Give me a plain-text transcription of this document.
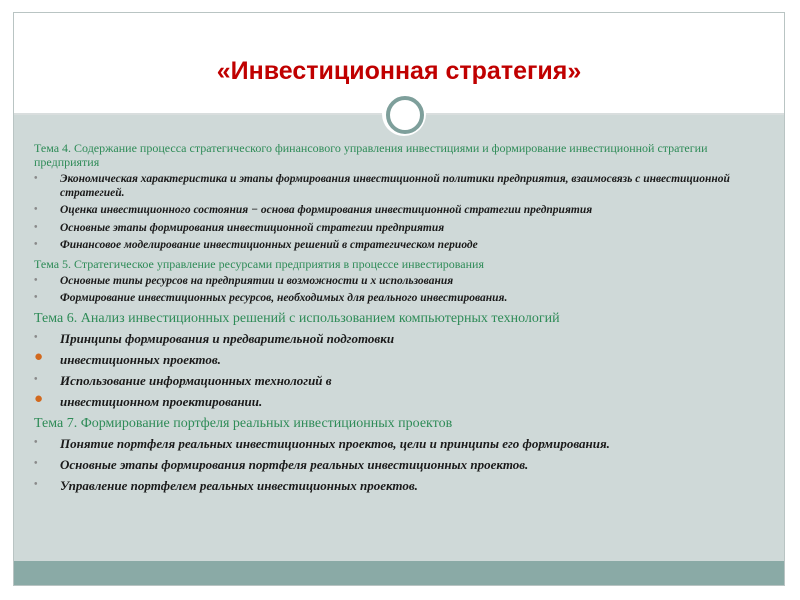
«Инвестиционная стратегия»
Тема 4. Содержание процесса стратегического финансового управления инвестициями и формирование инвестиционной стратегии предприятия
• Экономическая характеристика и этапы формирования инвестиционной политики предприятия, взаимосвязь с инвестиционной стратегией.
• Оценка инвестиционного состояния − основа формирования инвестиционной стратегии предприятия
• Основные этапы формирования инвестиционной стратегии предприятия
• Финансовое моделирование инвестиционных решений в стратегическом периоде
Тема 5. Стратегическое управление ресурсами предприятия в процессе инвестирования
• Основные типы ресурсов на предприятии и возможности и х использования
• Формирование инвестиционных ресурсов, необходимых для реального инвестирования.
Тема 6. Анализ инвестиционных решений с использованием компьютерных технологий
• Принципы формирования и предварительной подготовки
● инвестиционных проектов.
• Использование информационных технологий в
● инвестиционном проектировании.
Тема 7. Формирование портфеля реальных инвестиционных проектов
• Понятие портфеля реальных инвестиционных проектов, цели и принципы его формирования.
• Основные этапы формирования портфеля реальных инвестиционных проектов.
• Управление портфелем реальных инвестиционных проектов.
